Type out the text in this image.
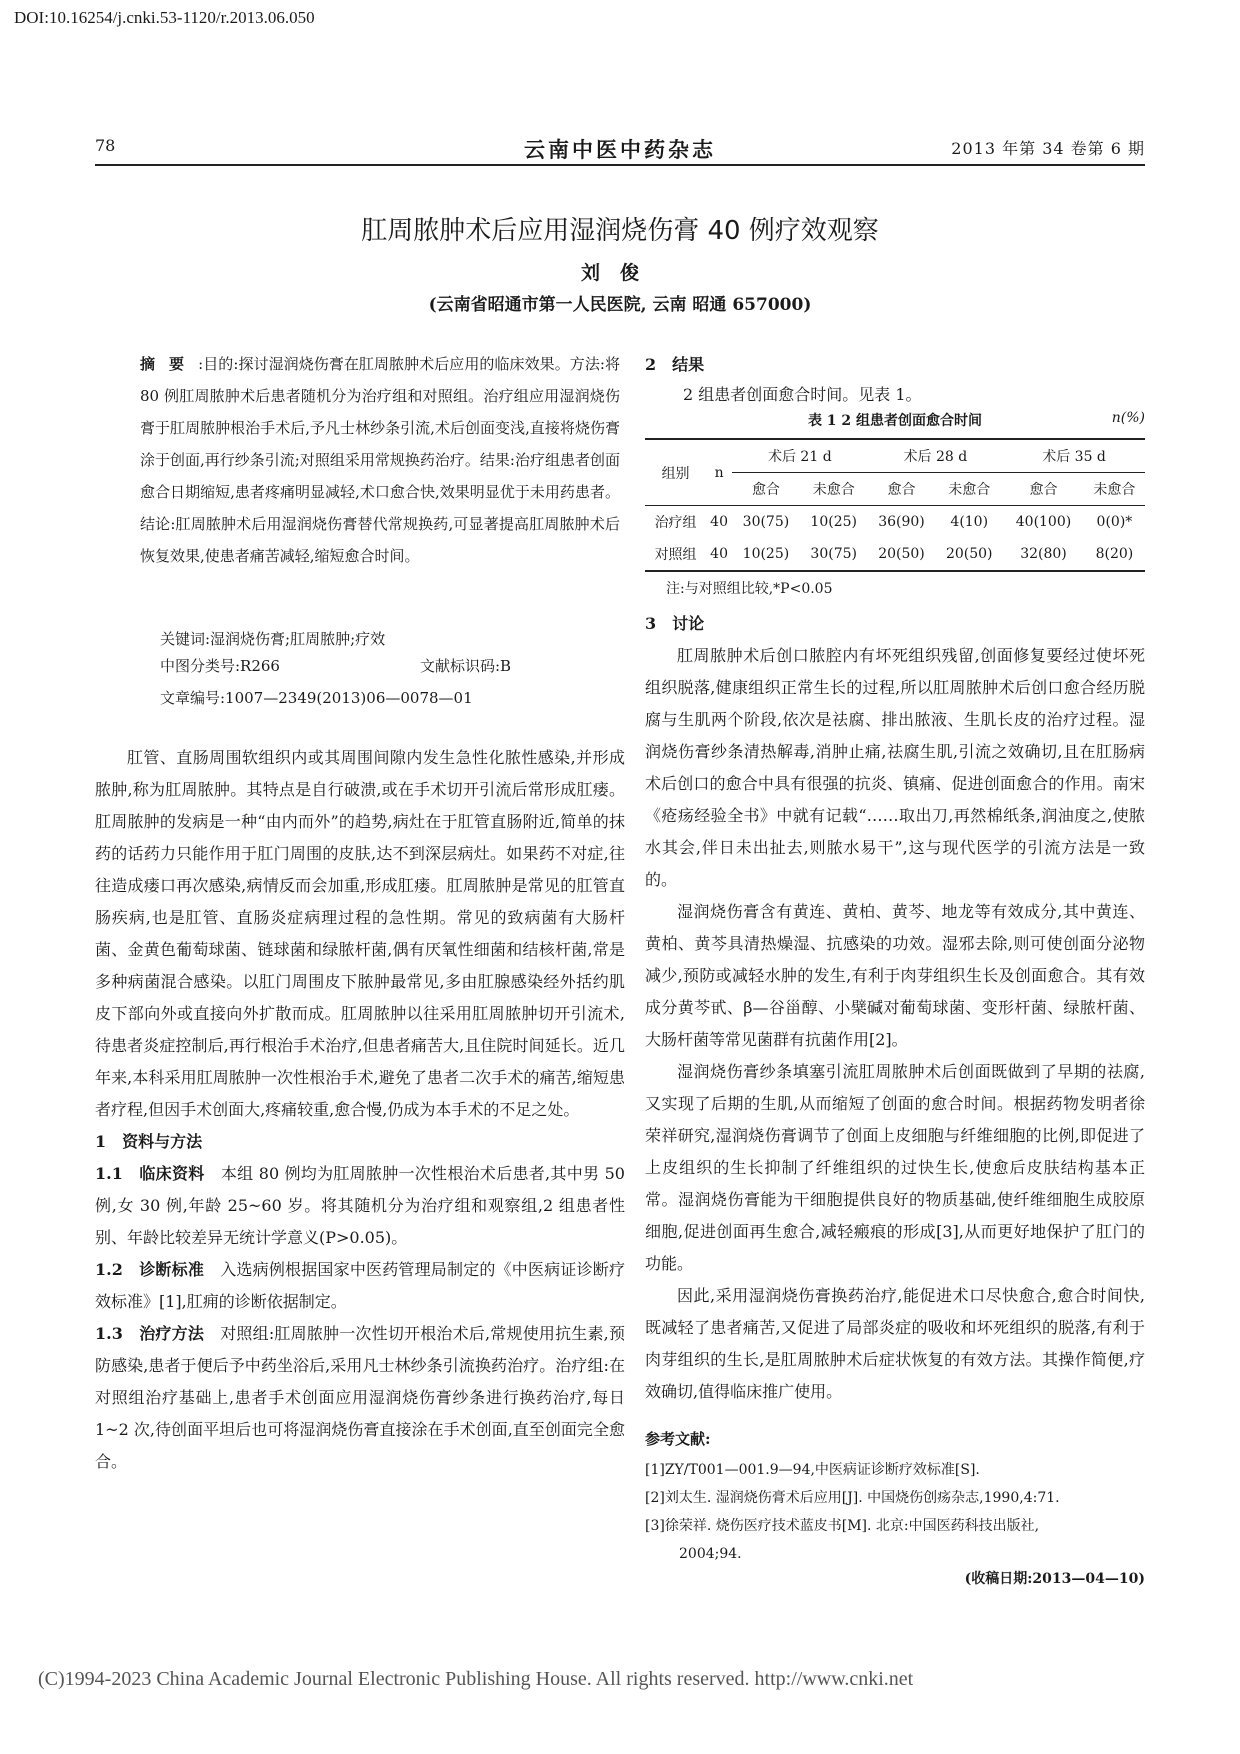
DOI:10.16254/j.cnki.53-1120/r.2013.06.050
78	云南中医中药杂志	2013 年第 34 卷第 6 期
肛周脓肿术后应用湿润烧伤膏 40 例疗效观察
刘俊
(云南省昭通市第一人民医院, 云南 昭通 657000)
摘要:目的:探讨湿润烧伤膏在肛周脓肿术后应用的临床效果。方法:将 80 例肛周脓肿术后患者随机分为治疗组和对照组。治疗组应用湿润烧伤膏于肛周脓肿根治手术后,予凡士林纱条引流,术后创面变浅,直接将烧伤膏涂于创面,再行纱条引流;对照组采用常规换药治疗。结果:治疗组患者创面愈合日期缩短,患者疼痛明显减轻,术口愈合快,效果明显优于未用药患者。结论:肛周脓肿术后用湿润烧伤膏替代常规换药,可显著提高肛周脓肿术后恢复效果,使患者痛苦减轻,缩短愈合时间。
关键词:湿润烧伤膏;肛周脓肿;疗效
中图分类号:R266	文献标识码:B
文章编号:1007—2349(2013)06—0078—01

肛管、直肠周围软组织内或其周围间隙内发生急性化脓性感染,并形成脓肿,称为肛周脓肿。其特点是自行破溃,或在手术切开引流后常形成肛瘘。肛周脓肿的发病是一种“由内而外”的趋势,病灶在于肛管直肠附近,简单的抹药的话药力只能作用于肛门周围的皮肤,达不到深层病灶。如果药不对症,往往造成瘘口再次感染,病情反而会加重,形成肛瘘。肛周脓肿是常见的肛管直肠疾病,也是肛管、直肠炎症病理过程的急性期。常见的致病菌有大肠杆菌、金黄色葡萄球菌、链球菌和绿脓杆菌,偶有厌氧性细菌和结核杆菌,常是多种病菌混合感染。以肛门周围皮下脓肿最常见,多由肛腺感染经外括约肌皮下部向外或直接向外扩散而成。肛周脓肿以往采用肛周脓肿切开引流术,待患者炎症控制后,再行根治手术治疗,但患者痛苦大,且住院时间延长。近几年来,本科采用肛周脓肿一次性根治手术,避免了患者二次手术的痛苦,缩短患者疗程,但因手术创面大,疼痛较重,愈合慢,仍成为本手术的不足之处。

1　资料与方法

1.1　临床资料　 本组 80 例均为肛周脓肿一次性根治术后患者,其中男 50 例,女 30 例,年龄 25~60 岁。将其随机分为治疗组和观察组,2 组患者性别、年龄比较差异无统计学意义(P>0.05)。

1.2　诊断标准　 入选病例根据国家中医药管理局制定的《中医病证诊断疗效标准》[1],肛痈的诊断依据制定。

1.3　治疗方法　 对照组:肛周脓肿一次性切开根治术后,常规使用抗生素,预防感染,患者于便后予中药坐浴后,采用凡士林纱条引流换药治疗。治疗组:在对照组治疗基础上,患者手术创面应用湿润烧伤膏纱条进行换药治疗,每日 1~2 次,待创面平坦后也可将湿润烧伤膏直接涂在手术创面,直至创面完全愈合。

2　结果
2 组患者创面愈合时间。见表 1。
表 1 2 组患者创面愈合时间	n(%)
组别	n	术后 21 d		术后 28 d		术后 35 d	
		愈合	未愈合	愈合	未愈合	愈合	未愈合
治疗组	40	30(75)	10(25)	36(90)	4(10)	40(100)	0(0)*
对照组	40	10(25)	30(75)	20(50)	20(50)	32(80)	8(20)
注:与对照组比较,*P<0.05

3　讨论

肛周脓肿术后创口脓腔内有坏死组织残留,创面修复要经过使坏死组织脱落,健康组织正常生长的过程,所以肛周脓肿术后创口愈合经历脱腐与生肌两个阶段,依次是祛腐、排出脓液、生肌长皮的治疗过程。湿润烧伤膏纱条清热解毒,消肿止痛,祛腐生肌,引流之效确切,且在肛肠病术后创口的愈合中具有很强的抗炎、镇痛、促进创面愈合的作用。南宋《疮疡经验全书》中就有记载“……取出刀,再然棉纸条,润油度之,使脓水其会,伴日未出扯去,则脓水易干”,这与现代医学的引流方法是一致的。

湿润烧伤膏含有黄连、黄柏、黄芩、地龙等有效成分,其中黄连、黄柏、黄芩具清热燥湿、抗感染的功效。湿邪去除,则可使创面分泌物减少,预防或减轻水肿的发生,有利于肉芽组织生长及创面愈合。其有效成分黄芩甙、β—谷甾醇、小檗碱对葡萄球菌、变形杆菌、绿脓杆菌、大肠杆菌等常见菌群有抗菌作用[2]。

湿润烧伤膏纱条填塞引流肛周脓肿术后创面既做到了早期的祛腐,又实现了后期的生肌,从而缩短了创面的愈合时间。根据药物发明者徐荣祥研究,湿润烧伤膏调节了创面上皮细胞与纤维细胞的比例,即促进了上皮组织的生长抑制了纤维组织的过快生长,使愈后皮肤结构基本正常。湿润烧伤膏能为干细胞提供良好的物质基础,使纤维细胞生成胶原细胞,促进创面再生愈合,减轻瘢痕的形成[3],从而更好地保护了肛门的功能。

因此,采用湿润烧伤膏换药治疗,能促进术口尽快愈合,愈合时间快,既减轻了患者痛苦,又促进了局部炎症的吸收和坏死组织的脱落,有利于肉芽组织的生长,是肛周脓肿术后症状恢复的有效方法。其操作简便,疗效确切,值得临床推广使用。

参考文献:
[1]ZY/T001—001.9—94,中医病证诊断疗效标准[S].
[2]刘太生. 湿润烧伤膏术后应用[J]. 中国烧伤创疡杂志,1990,4:71.
[3]徐荣祥. 烧伤医疗技术蓝皮书[M]. 北京:中国医药科技出版社,
2004;94.
(收稿日期:2013—04—10)
(C)1994-2023 China Academic Journal Electronic Publishing House. All rights reserved. http://www.cnki.net
